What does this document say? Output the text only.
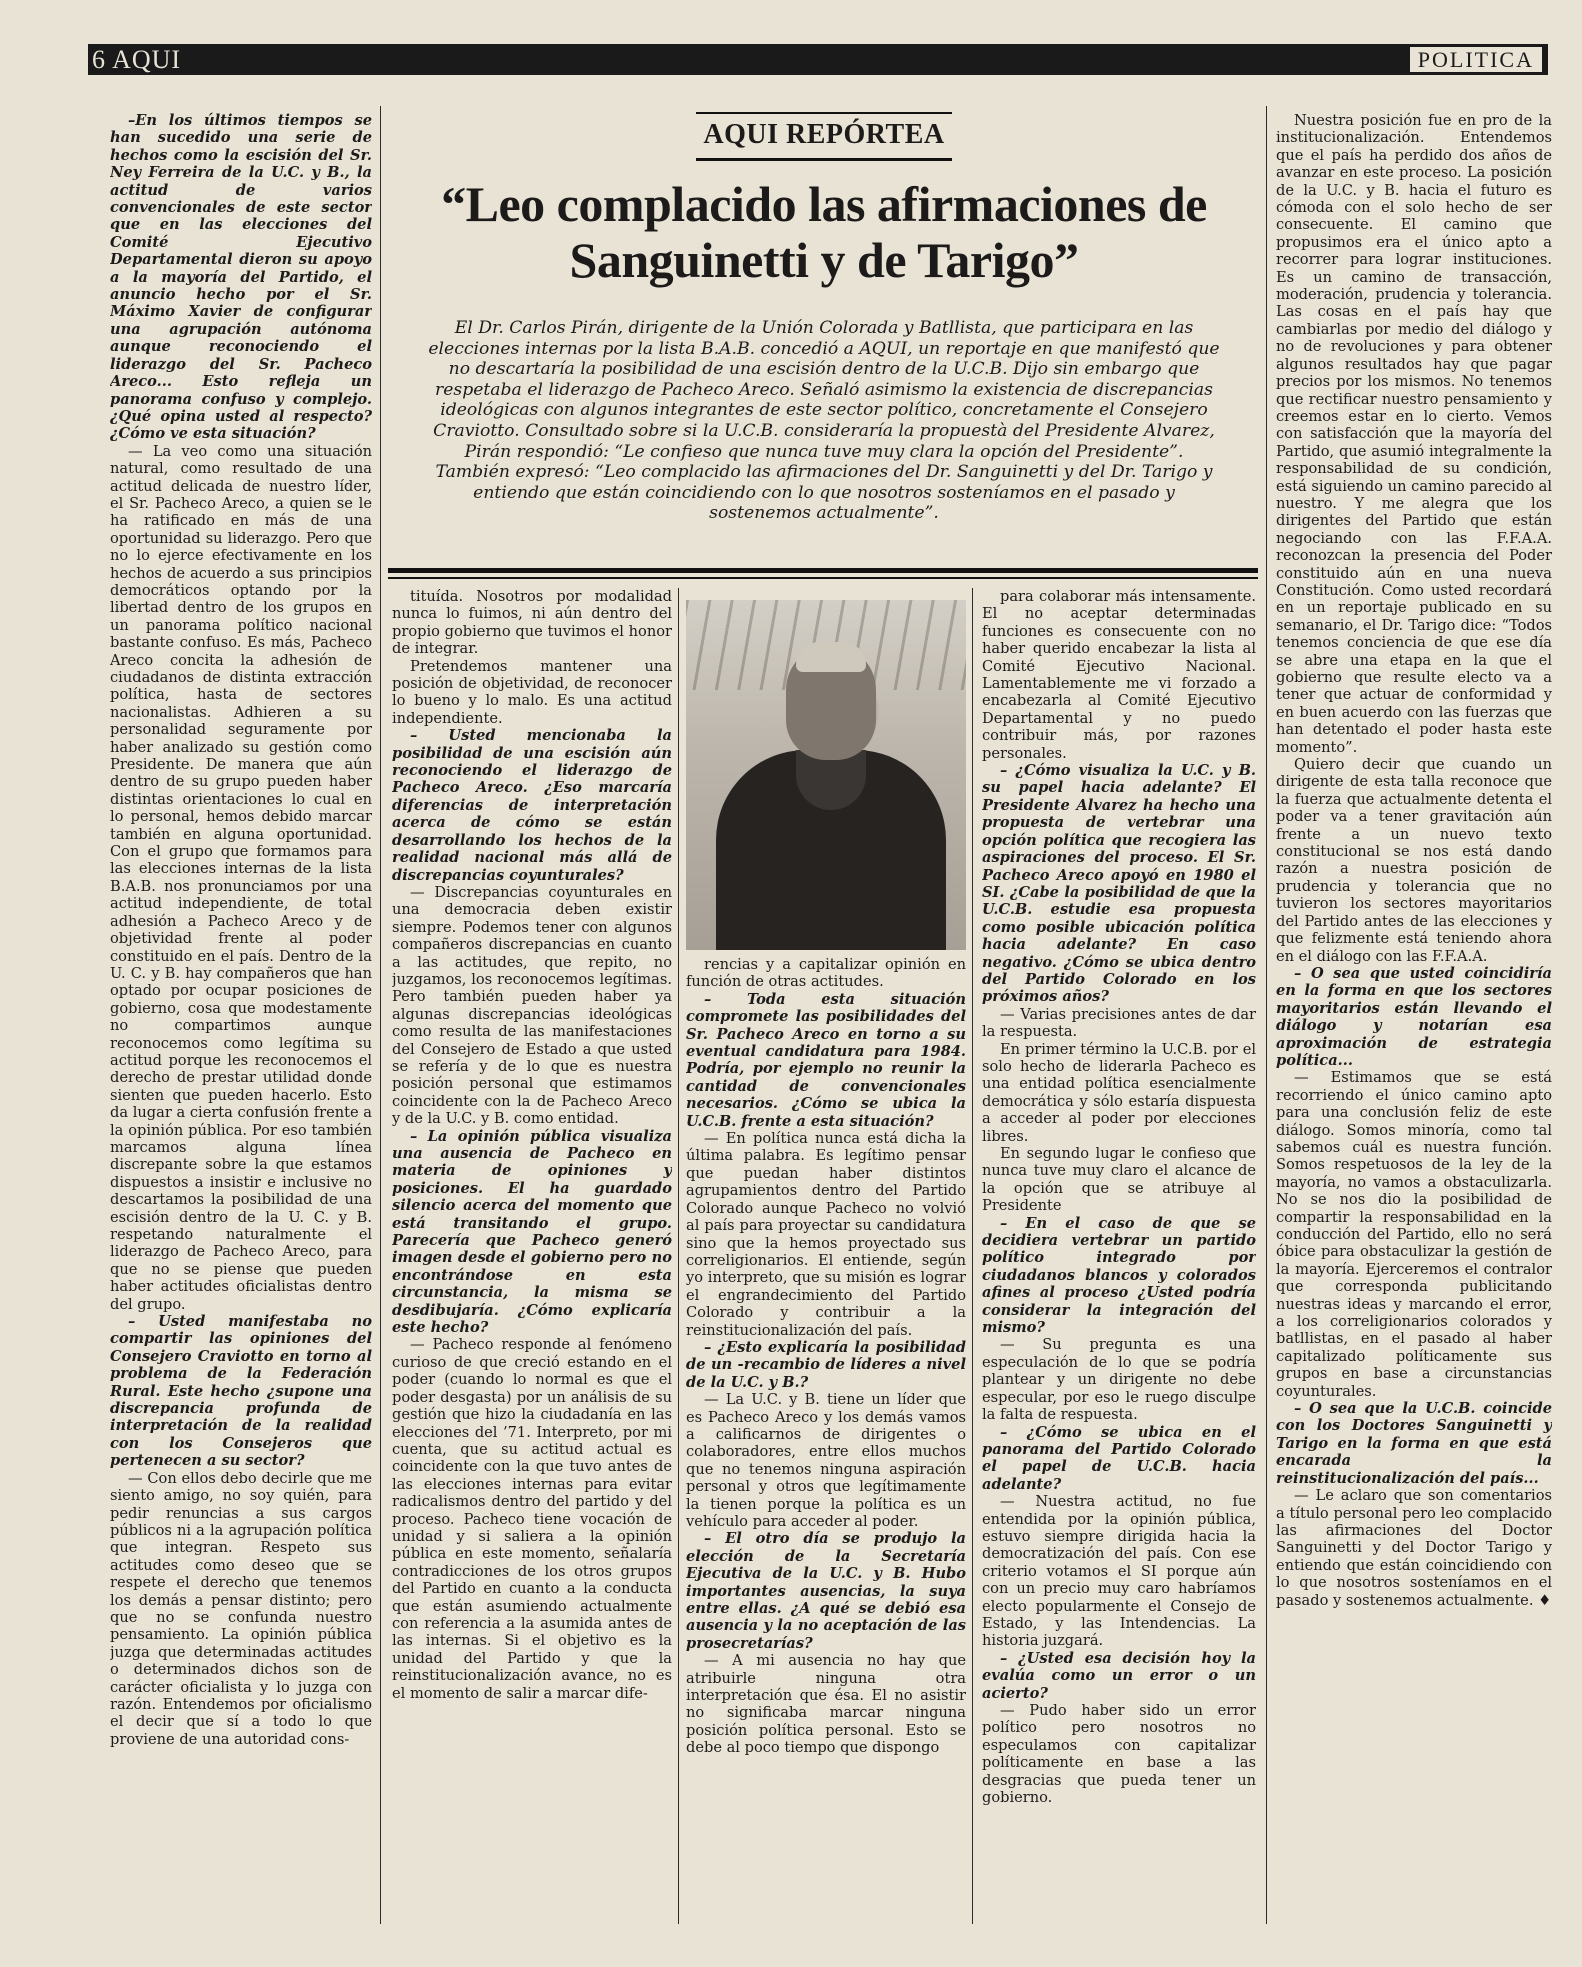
6 AQUI	POLITICA

–En los últimos tiempos se han sucedido una serie de hechos como la escisión del Sr. Ney Ferreira de la U.C. y B., la actitud de varios convencionales de este sector que en las elecciones del Comité Ejecutivo Departamental dieron su apoyo a la mayoría del Partido, el anuncio hecho por el Sr. Máximo Xavier de configurar una agrupación autónoma aunque reconociendo el liderazgo del Sr. Pacheco Areco... Esto refleja un panorama confuso y complejo. ¿Qué opina usted al respecto? ¿Cómo ve esta situación?

— La veo como una situación natural, como resultado de una actitud delicada de nuestro líder, el Sr. Pacheco Areco, a quien se le ha ratificado en más de una oportunidad su liderazgo. Pero que no lo ejerce efectivamente en los hechos de acuerdo a sus principios democráticos optando por la libertad dentro de los grupos en un panorama político nacional bastante confuso. Es más, Pacheco Areco concita la adhesión de ciudadanos de distinta extracción política, hasta de sectores nacionalistas. Adhieren a su personalidad seguramente por haber analizado su gestión como Presidente. De manera que aún dentro de su grupo pueden haber distintas orientaciones lo cual en lo personal, hemos debido marcar también en alguna oportunidad. Con el grupo que formamos para las elecciones internas de la lista B.A.B. nos pronunciamos por una actitud independiente, de total adhesión a Pacheco Areco y de objetividad frente al poder constituido en el país. Dentro de la U. C. y B. hay compañeros que han optado por ocupar posiciones de gobierno, cosa que modestamente no compartimos aunque reconocemos como legítima su actitud porque les reconocemos el derecho de prestar utilidad donde sienten que pueden hacerlo. Esto da lugar a cierta confusión frente a la opinión pública. Por eso también marcamos alguna línea discrepante sobre la que estamos dispuestos a insistir e inclusive no descartamos la posibilidad de una escisión dentro de la U. C. y B. respetando naturalmente el liderazgo de Pacheco Areco, para que no se piense que pueden haber actitudes oficialistas dentro del grupo.

– Usted manifestaba no compartir las opiniones del Consejero Craviotto en torno al problema de la Federación Rural. Este hecho ¿supone una discrepancia profunda de interpretación de la realidad con los Consejeros que pertenecen a su sector?

— Con ellos debo decirle que me siento amigo, no soy quién, para pedir renuncias a sus cargos públicos ni a la agrupación política que integran. Respeto sus actitudes como deseo que se respete el derecho que tenemos los demás a pensar distinto; pero que no se confunda nuestro pensamiento. La opinión pública juzga que determinadas actitudes o determinados dichos son de carácter oficialista y lo juzga con razón. Entendemos por oficialismo el decir que sí a todo lo que proviene de una autoridad cons-

AQUI REPÓRTEA
“Leo complacido las afirmaciones de Sanguinetti y de Tarigo”
El Dr. Carlos Pirán, dirigente de la Unión Colorada y Batllista, que participara en las elecciones internas por la lista B.A.B. concedió a AQUI, un reportaje en que manifestó que no descartaría la posibilidad de una escisión dentro de la U.C.B. Dijo sin embargo que respetaba el liderazgo de Pacheco Areco. Señaló asimismo la existencia de discrepancias ideológicas con algunos integrantes de este sector político, concretamente el Consejero Craviotto. Consultado sobre si la U.C.B. consideraría la propuestà del Presidente Alvarez, Pirán respondió: “Le confieso que nunca tuve muy clara la opción del Presidente”. También expresó: “Leo complacido las afirmaciones del Dr. Sanguinetti y del Dr. Tarigo y entiendo que están coincidiendo con lo que nosotros sosteníamos en el pasado y sostenemos actualmente”.

tituída. Nosotros por modalidad nunca lo fuimos, ni aún dentro del propio gobierno que tuvimos el honor de integrar.

Pretendemos mantener una posición de objetividad, de reconocer lo bueno y lo malo. Es una actitud independiente.

– Usted mencionaba la posibilidad de una escisión aún reconociendo el liderazgo de Pacheco Areco. ¿Eso marcaría diferencias de interpretación acerca de cómo se están desarrollando los hechos de la realidad nacional más allá de discrepancias coyunturales?

— Discrepancias coyunturales en una democracia deben existir siempre. Podemos tener con algunos compañeros discrepancias en cuanto a las actitudes, que repito, no juzgamos, los reconocemos legítimas. Pero también pueden haber ya algunas discrepancias ideológicas como resulta de las manifestaciones del Consejero de Estado a que usted se refería y de lo que es nuestra posición personal que estimamos coincidente con la de Pacheco Areco y de la U.C. y B. como entidad.

– La opinión pública visualiza una ausencia de Pacheco en materia de opiniones y posiciones. El ha guardado silencio acerca del momento que está transitando el grupo. Parecería que Pacheco generó imagen desde el gobierno pero no encontrándose en esta circunstancia, la misma se desdibujaría. ¿Cómo explicaría este hecho?

— Pacheco responde al fenómeno curioso de que creció estando en el poder (cuando lo normal es que el poder desgasta) por un análisis de su gestión que hizo la ciudadanía en las elecciones del ’71. Interpreto, por mi cuenta, que su actitud actual es coincidente con la que tuvo antes de las elecciones internas para evitar radicalismos dentro del partido y del proceso. Pacheco tiene vocación de unidad y si saliera a la opinión pública en este momento, señalaría contradicciones de los otros grupos del Partido en cuanto a la conducta que están asumiendo actualmente con referencia a la asumida antes de las internas. Si el objetivo es la unidad del Partido y que la reinstitucionalización avance, no es el momento de salir a marcar dife-

rencias y a capitalizar opinión en función de otras actitudes.

– Toda esta situación compromete las posibilidades del Sr. Pacheco Areco en torno a su eventual candidatura para 1984. Podría, por ejemplo no reunir la cantidad de convencionales necesarios. ¿Cómo se ubica la U.C.B. frente a esta situación?

— En política nunca está dicha la última palabra. Es legítimo pensar que puedan haber distintos agrupamientos dentro del Partido Colorado aunque Pacheco no volvió al país para proyectar su candidatura sino que la hemos proyectado sus correligionarios. El entiende, según yo interpreto, que su misión es lograr el engrandecimiento del Partido Colorado y contribuir a la reinstitucionalización del país.

– ¿Esto explicaría la posibilidad de un -recambio de líderes a nivel de la U.C. y B.?

— La U.C. y B. tiene un líder que es Pacheco Areco y los demás vamos a calificarnos de dirigentes o colaboradores, entre ellos muchos que no tenemos ninguna aspiración personal y otros que legítimamente la tienen porque la política es un vehículo para acceder al poder.

– El otro día se produjo la elección de la Secretaría Ejecutiva de la U.C. y B. Hubo importantes ausencias, la suya entre ellas. ¿A qué se debió esa ausencia y la no aceptación de las prosecretarías?

— A mi ausencia no hay que atribuirle ninguna otra interpretación que ésa. El no asistir no significaba marcar ninguna posición política personal. Esto se debe al poco tiempo que dispongo

para colaborar más intensamente. El no aceptar determinadas funciones es consecuente con no haber querido encabezar la lista al Comité Ejecutivo Nacional. Lamentablemente me vi forzado a encabezarla al Comité Ejecutivo Departamental y no puedo contribuir más, por razones personales.

– ¿Cómo visualiza la U.C. y B. su papel hacia adelante? El Presidente Alvarez ha hecho una propuesta de vertebrar una opción política que recogiera las aspiraciones del proceso. El Sr. Pacheco Areco apoyó en 1980 el SI. ¿Cabe la posibilidad de que la U.C.B. estudie esa propuesta como posible ubicación política hacia adelante? En caso negativo. ¿Cómo se ubica dentro del Partido Colorado en los próximos años?

— Varias precisiones antes de dar la respuesta.

En primer término la U.C.B. por el solo hecho de liderarla Pacheco es una entidad política esencialmente democrática y sólo estaría dispuesta a acceder al poder por elecciones libres.

En segundo lugar le confieso que nunca tuve muy claro el alcance de la opción que se atribuye al Presidente

– En el caso de que se decidiera vertebrar un partido político integrado por ciudadanos blancos y colorados afines al proceso ¿Usted podría considerar la integración del mismo?

— Su pregunta es una especulación de lo que se podría plantear y un dirigente no debe especular, por eso le ruego disculpe la falta de respuesta.

– ¿Cómo se ubica en el panorama del Partido Colorado el papel de U.C.B. hacia adelante?

— Nuestra actitud, no fue entendida por la opinión pública, estuvo siempre dirigida hacia la democratización del país. Con ese criterio votamos el SI porque aún con un precio muy caro habríamos electo popularmente el Consejo de Estado, y las Intendencias. La historia juzgará.

– ¿Usted esa decisión hoy la evalúa como un error o un acierto?

— Pudo haber sido un error político pero nosotros no especulamos con capitalizar políticamente en base a las desgracias que pueda tener un gobierno.

Nuestra posición fue en pro de la institucionalización. Entendemos que el país ha perdido dos años de avanzar en este proceso. La posición de la U.C. y B. hacia el futuro es cómoda con el solo hecho de ser consecuente. El camino que propusimos era el único apto a recorrer para lograr instituciones. Es un camino de transacción, moderación, prudencia y tolerancia. Las cosas en el país hay que cambiarlas por medio del diálogo y no de revoluciones y para obtener algunos resultados hay que pagar precios por los mismos. No tenemos que rectificar nuestro pensamiento y creemos estar en lo cierto. Vemos con satisfacción que la mayoría del Partido, que asumió integralmente la responsabilidad de su condición, está siguiendo un camino parecido al nuestro. Y me alegra que los dirigentes del Partido que están negociando con las F.F.A.A. reconozcan la presencia del Poder constituido aún en una nueva Constitución. Como usted recordará en un reportaje publicado en su semanario, el Dr. Tarigo dice: “Todos tenemos conciencia de que ese día se abre una etapa en la que el gobierno que resulte electo va a tener que actuar de conformidad y en buen acuerdo con las fuerzas que han detentado el poder hasta este momento”.

Quiero decir que cuando un dirigente de esta talla reconoce que la fuerza que actualmente detenta el poder va a tener gravitación aún frente a un nuevo texto constitucional se nos está dando razón a nuestra posición de prudencia y tolerancia que no tuvieron los sectores mayoritarios del Partido antes de las elecciones y que felizmente está teniendo ahora en el diálogo con las F.F.A.A.

– O sea que usted coincidiría en la forma en que los sectores mayoritarios están llevando el diálogo y notarían esa aproximación de estrategia política...

— Estimamos que se está recorriendo el único camino apto para una conclusión feliz de este diálogo. Somos minoría, como tal sabemos cuál es nuestra función. Somos respetuosos de la ley de la mayoría, no vamos a obstaculizarla. No se nos dio la posibilidad de compartir la responsabilidad en la conducción del Partido, ello no será óbice para obstaculizar la gestión de la mayoría. Ejerceremos el contralor que corresponda publicitando nuestras ideas y marcando el error, a los correligionarios colorados y batllistas, en el pasado al haber capitalizado políticamente sus grupos en base a circunstancias coyunturales.

– O sea que la U.C.B. coincide con los Doctores Sanguinetti y Tarigo en la forma en que está encarada la reinstitucionalización del país...

— Le aclaro que son comentarios a título personal pero leo complacido las afirmaciones del Doctor Sanguinetti y del Doctor Tarigo y entiendo que están coincidiendo con lo que nosotros sosteníamos en el pasado y sostenemos actualmente. ♦
